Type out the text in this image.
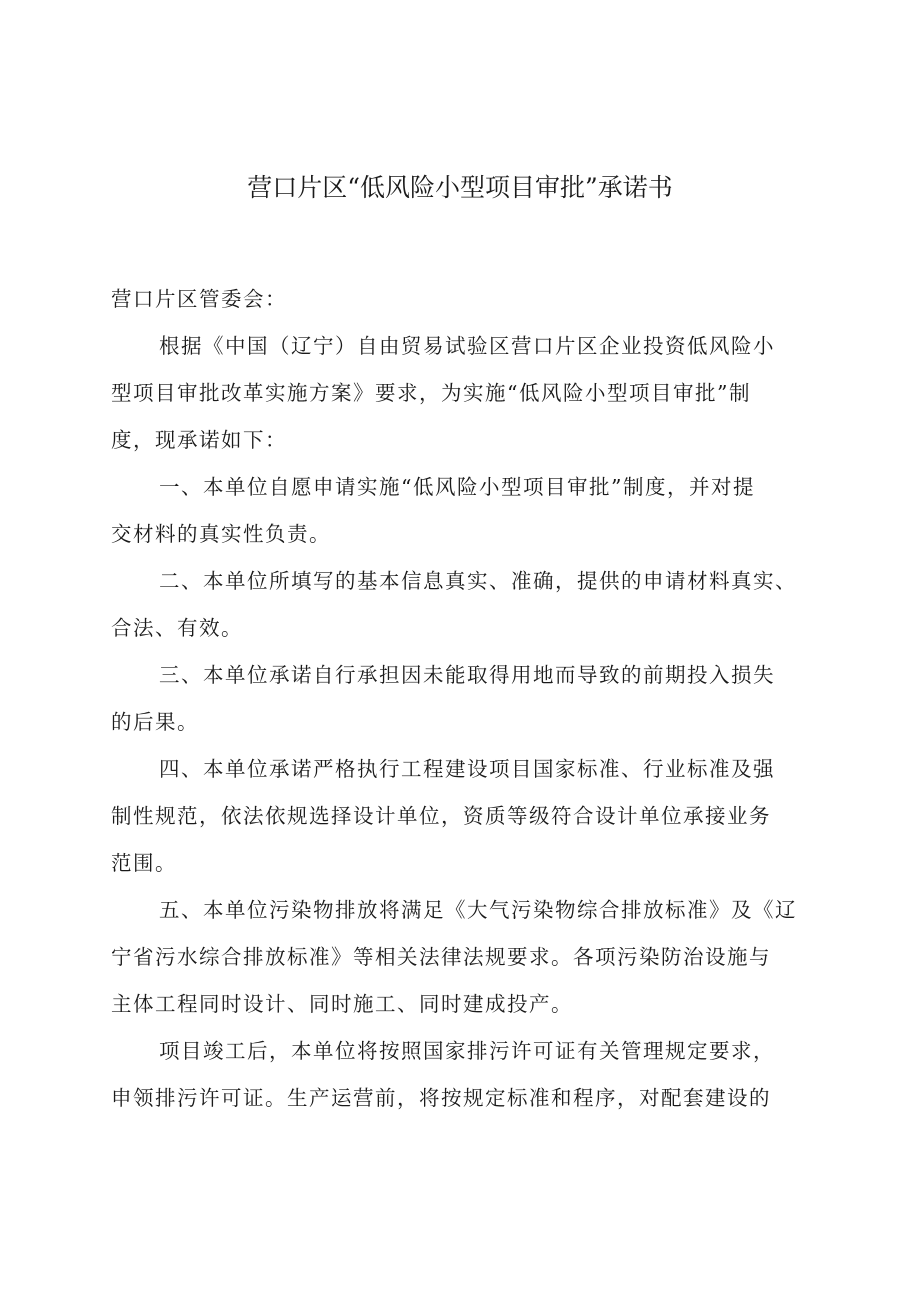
营口片区“低风险小型项目审批”承诺书
营口片区管委会：
根据《中国（辽宁）自由贸易试验区营口片区企业投资低风险小
型项目审批改革实施方案》要求，为实施“低风险小型项目审批”制
度，现承诺如下：
一、本单位自愿申请实施“低风险小型项目审批”制度，并对提
交材料的真实性负责。
二、本单位所填写的基本信息真实、准确，提供的申请材料真实、
合法、有效。
三、本单位承诺自行承担因未能取得用地而导致的前期投入损失
的后果。
四、本单位承诺严格执行工程建设项目国家标准、行业标准及强
制性规范，依法依规选择设计单位，资质等级符合设计单位承接业务
范围。
五、本单位污染物排放将满足《大气污染物综合排放标准》及《辽
宁省污水综合排放标准》等相关法律法规要求。各项污染防治设施与
主体工程同时设计、同时施工、同时建成投产。
项目竣工后，本单位将按照国家排污许可证有关管理规定要求，
申领排污许可证。生产运营前，将按规定标准和程序，对配套建设的
